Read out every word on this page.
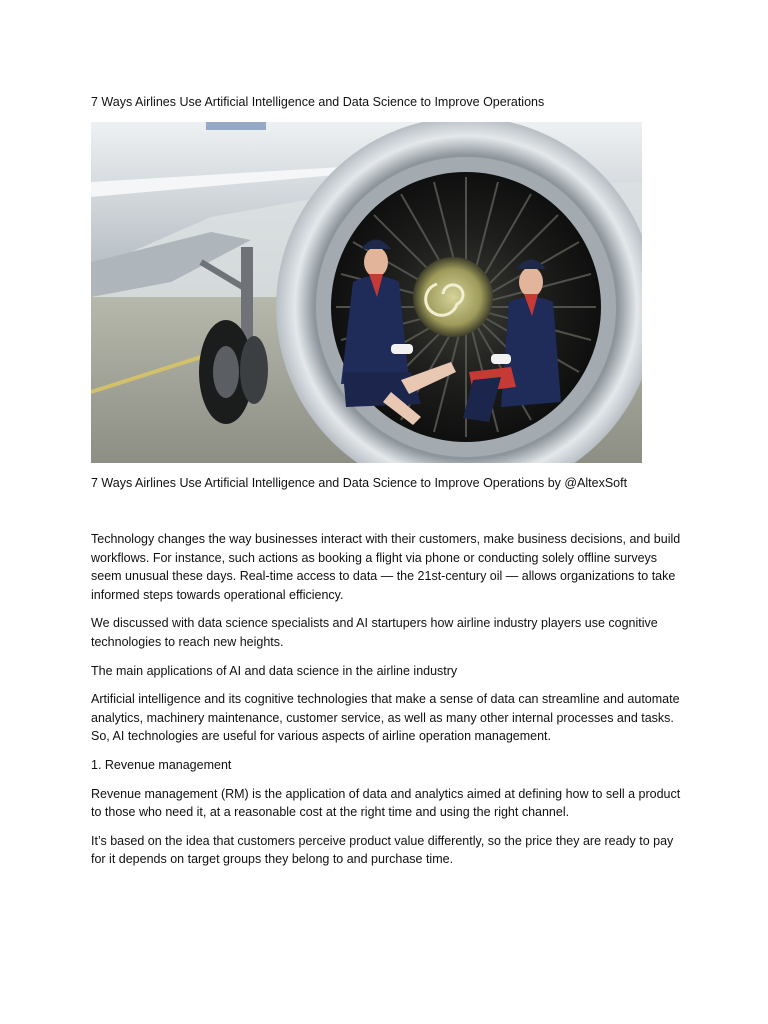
7 Ways Airlines Use Artificial Intelligence and Data Science to Improve Operations
7 Ways Airlines Use Artificial Intelligence and Data Science to Improve Operations by @AltexSoft

Technology changes the way businesses interact with their customers, make business decisions, and build workflows. For instance, such actions as booking a flight via phone or conducting solely offline surveys seem unusual these days. Real-time access to data — the 21st-century oil — allows organizations to take informed steps towards operational efficiency.

We discussed with data science specialists and AI startupers how airline industry players use cognitive technologies to reach new heights.

The main applications of AI and data science in the airline industry

Artificial intelligence and its cognitive technologies that make a sense of data can streamline and automate analytics, machinery maintenance, customer service, as well as many other internal processes and tasks. So, AI technologies are useful for various aspects of airline operation management.

1. Revenue management

Revenue management (RM) is the application of data and analytics aimed at defining how to sell a product to those who need it, at a reasonable cost at the right time and using the right channel.

It’s based on the idea that customers perceive product value differently, so the price they are ready to pay for it depends on target groups they belong to and purchase time.
